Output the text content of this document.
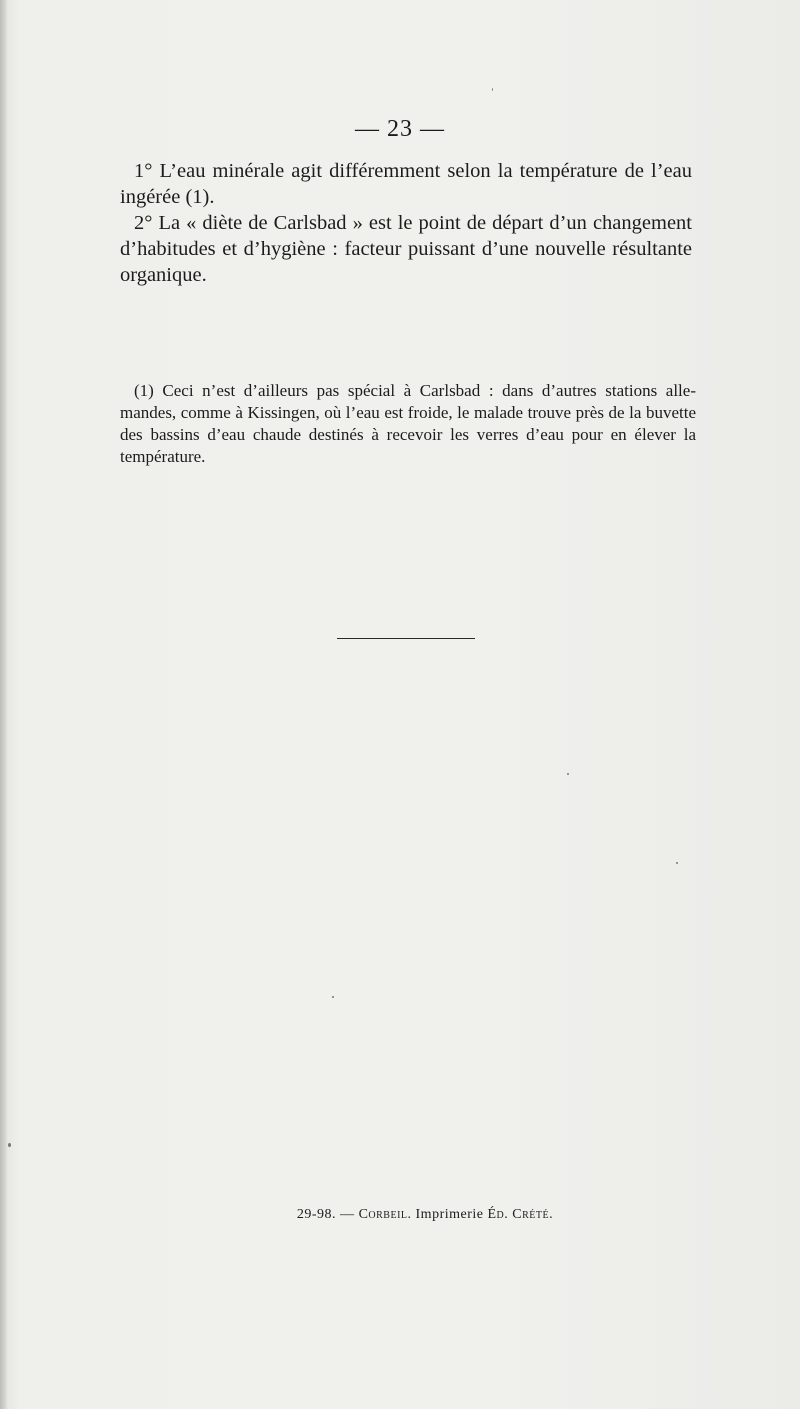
— 23 —

1° L’eau minérale agit différemment selon la température de l’eau ingérée (1).

2° La « diète de Carlsbad » est le point de départ d’un changement d’habitudes et d’hygiène : facteur puissant d’une nouvelle résultante organique.

(1) Ceci n’est d’ailleurs pas spécial à Carlsbad : dans d’autres stations alle-mandes, comme à Kissingen, où l’eau est froide, le malade trouve près de la buvette des bassins d’eau chaude destinés à recevoir les verres d’eau pour en élever la température.

29-98. — Corbeil. Imprimerie Éd. Crété.
